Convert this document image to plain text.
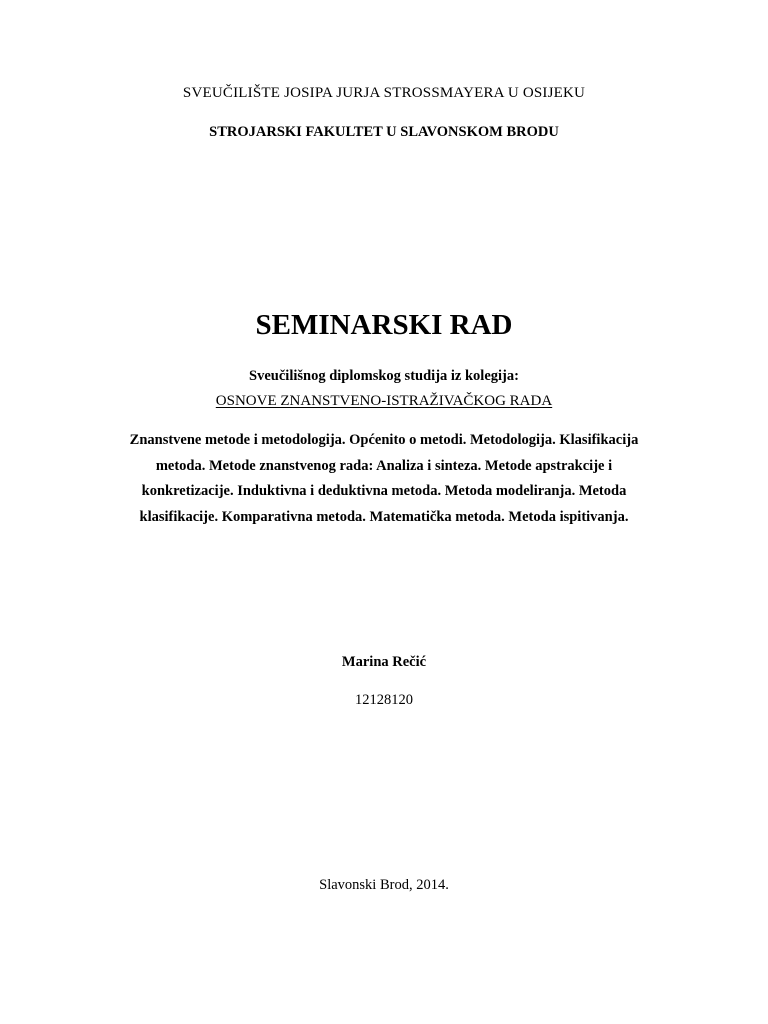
SVEUČILIŠTE JOSIPA JURJA STROSSMAYERA U OSIJEKU
STROJARSKI FAKULTET U SLAVONSKOM BRODU
SEMINARSKI RAD
Sveučilišnog diplomskog studija iz kolegija:
OSNOVE ZNANSTVENO-ISTRAŽIVAČKOG RADA
Znanstvene metode i metodologija. Općenito o metodi. Metodologija. Klasifikacija
metoda. Metode znanstvenog rada: Analiza i sinteza. Metode apstrakcije i
konkretizacije. Induktivna i deduktivna metoda. Metoda modeliranja. Metoda
klasifikacije. Komparativna metoda. Matematička metoda. Metoda ispitivanja.
Marina Rečić
12128120
Slavonski Brod, 2014.
